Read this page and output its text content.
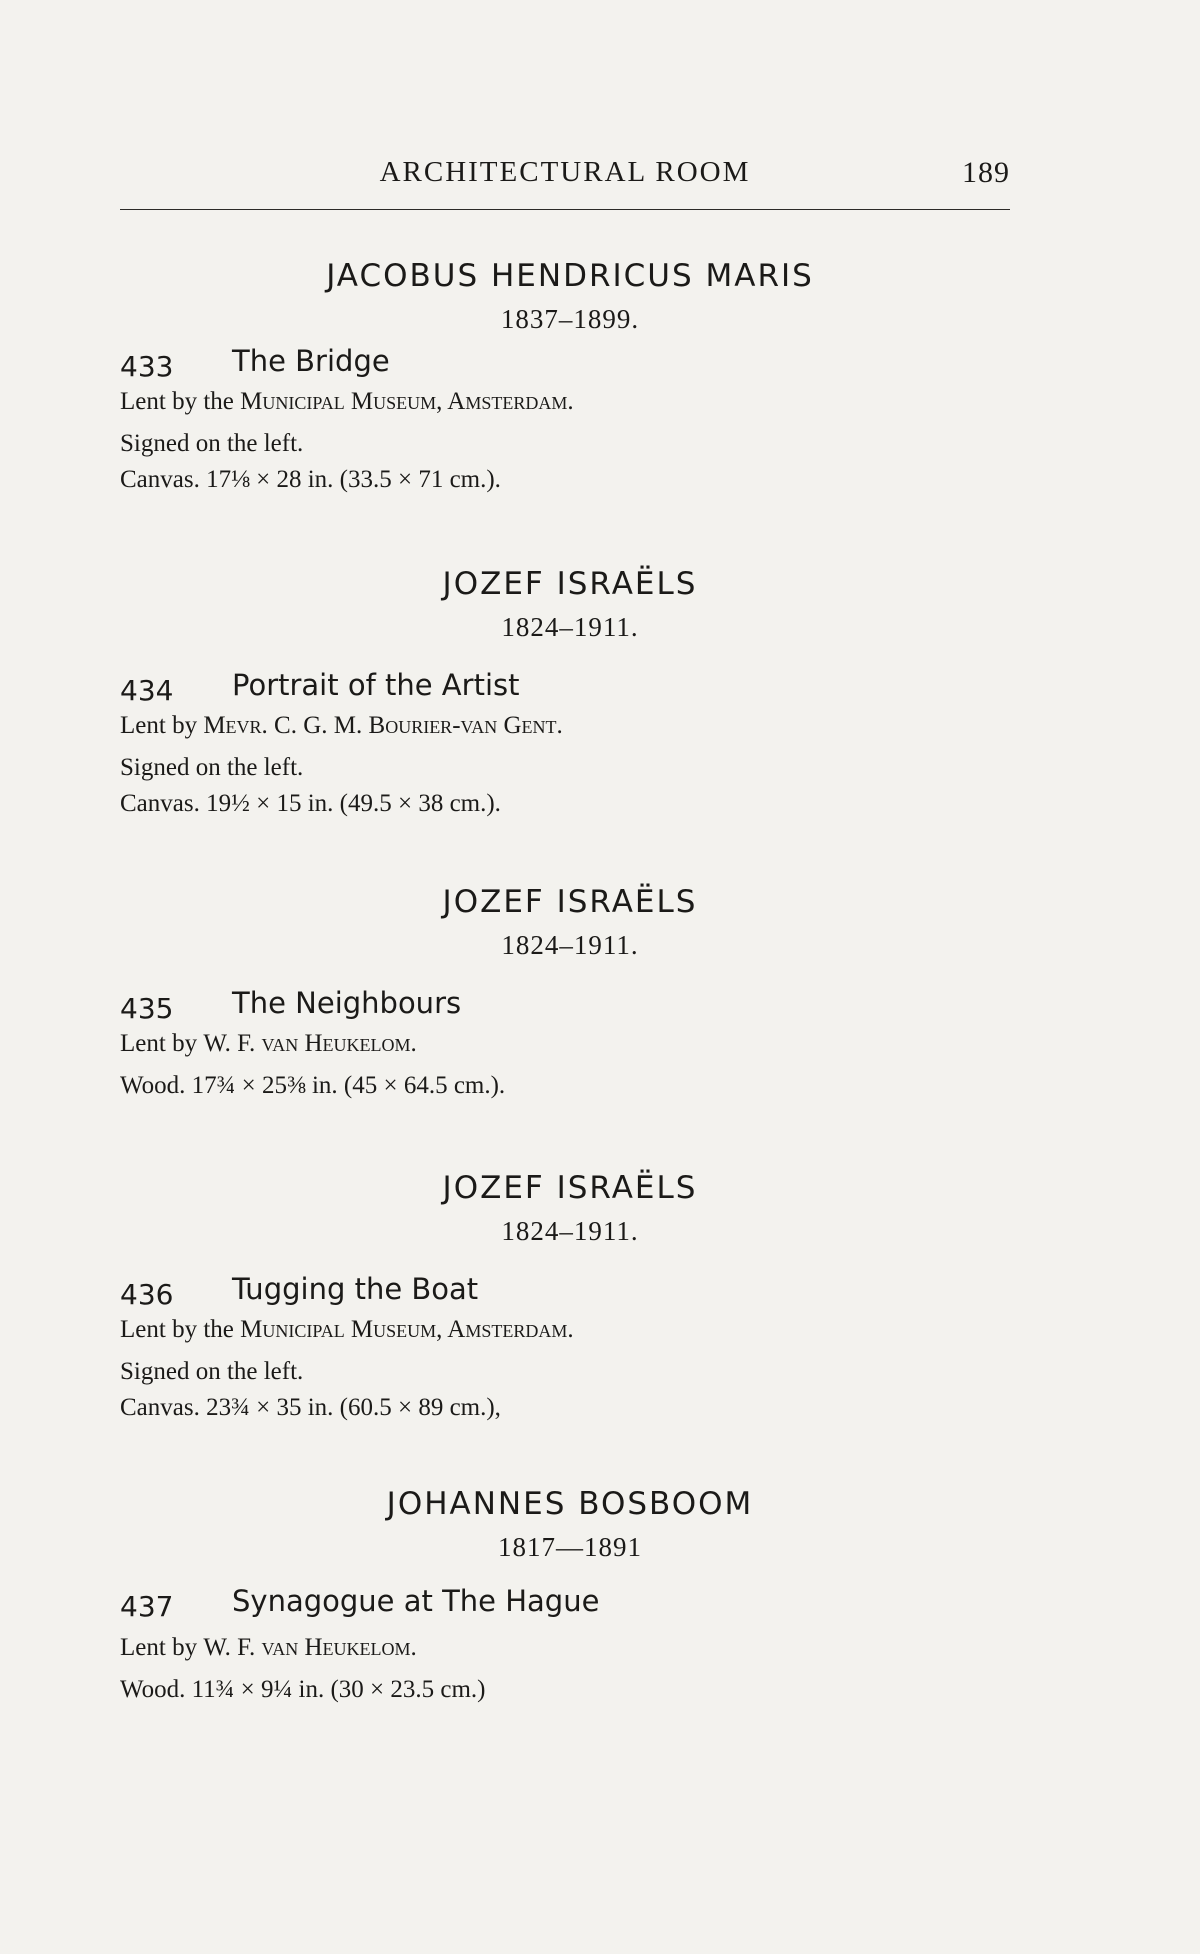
ARCHITECTURAL ROOM	189
JACOBUS HENDRICUS MARIS
1837–1899.
433 The Bridge
Lent by the Municipal Museum, Amsterdam.
Signed on the left.
Canvas. 17⅛ × 28 in. (33.5 × 71 cm.).
JOZEF ISRAËLS
1824–1911.
434 Portrait of the Artist
Lent by Mevr. C. G. M. Bourier-van Gent.
Signed on the left.
Canvas. 19½ × 15 in. (49.5 × 38 cm.).
JOZEF ISRAËLS
1824–1911.
435 The Neighbours
Lent by W. F. van Heukelom.
Wood. 17¾ × 25⅜ in. (45 × 64.5 cm.).
JOZEF ISRAËLS
1824–1911.
436 Tugging the Boat
Lent by the Municipal Museum, Amsterdam.
Signed on the left.
Canvas. 23¾ × 35 in. (60.5 × 89 cm.),
JOHANNES BOSBOOM
1817—1891
437 Synagogue at The Hague
Lent by W. F. van Heukelom.
Wood. 11¾ × 9¼ in. (30 × 23.5 cm.)
